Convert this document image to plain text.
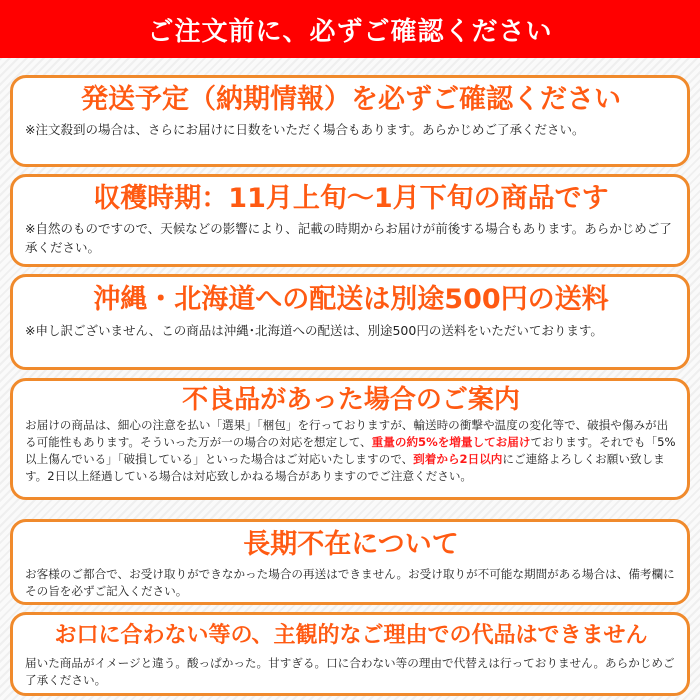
ご注文前に、必ずご確認ください
発送予定（納期情報）を必ずご確認ください

※注文殺到の場合は、さらにお届けに日数をいただく場合もあります。あらかじめご了承ください。

収穫時期：11月上旬〜1月下旬の商品です

※自然のものですので、天候などの影響により、記載の時期からお届けが前後する場合もあります。あらかじめご了承ください。

沖縄・北海道への配送は別途500円の送料

※申し訳ございません、この商品は沖縄･北海道への配送は、別途500円の送料をいただいております。

不良品があった場合のご案内

お届けの商品は、細心の注意を払い「選果」「梱包」を行っておりますが、輸送時の衝撃や温度の変化等で、破損や傷みが出る可能性もあります。そういった万が一の場合の対応を想定して、重量の約5%を増量してお届けております。それでも「5%以上傷んでいる」「破損している」といった場合はご対応いたしますので、到着から2日以内にご連絡よろしくお願い致します。2日以上経過している場合は対応致しかねる場合がありますのでご注意ください。

長期不在について

お客様のご都合で、お受け取りができなかった場合の再送はできません。お受け取りが不可能な期間がある場合は、備考欄にその旨を必ずご記入ください。

お口に合わない等の、主観的なご理由での代品はできません

届いた商品がイメージと違う。酸っぱかった。甘すぎる。口に合わない等の理由で代替えは行っておりません。あらかじめご了承ください。
